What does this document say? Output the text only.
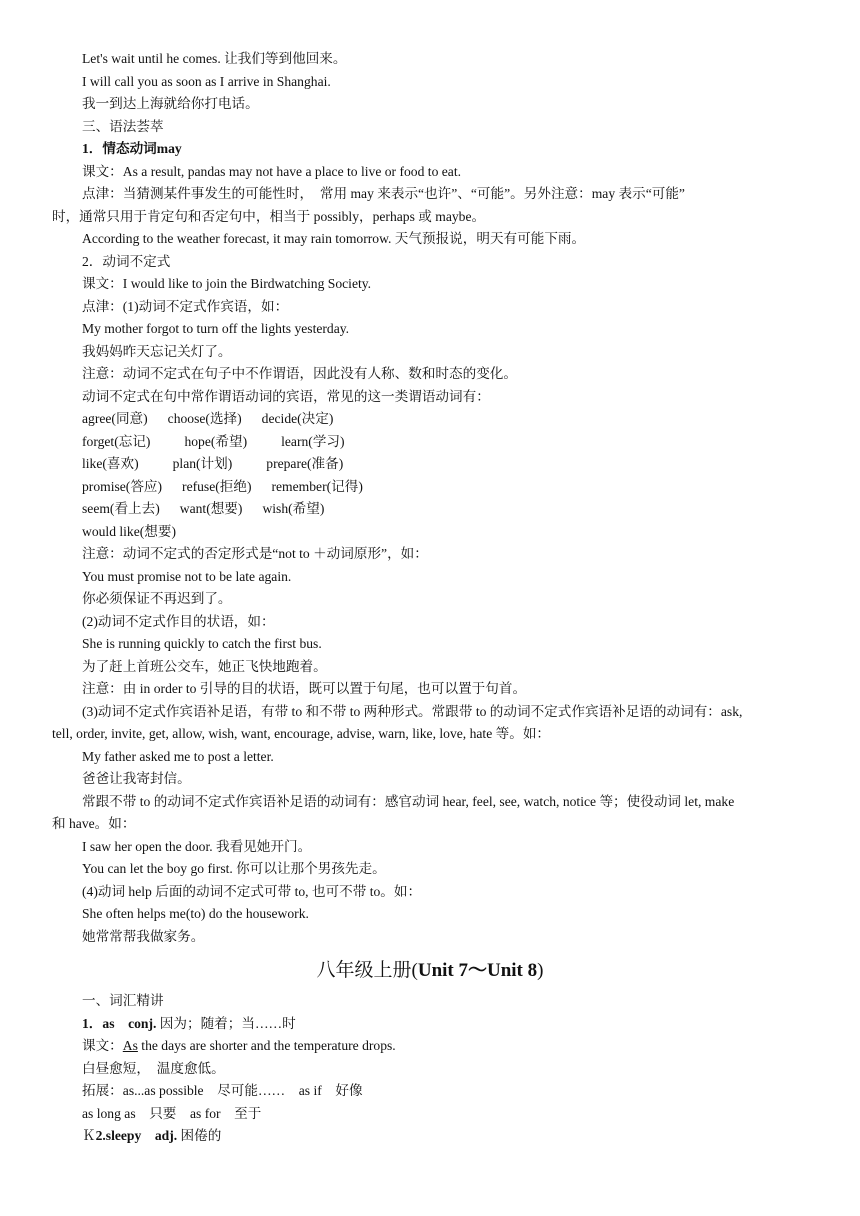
Let's wait until he comes. 让我们等到他回来。
I will call you as soon as I arrive in Shanghai.
我一到达上海就给你打电话。
三、语法荟萃
1．情态动词may
课文：As a result, pandas may not have a place to live or food to eat.
点津：当猜测某件事发生的可能性时，　常用 may 来表示“也许”、“可能”。另外注意：may 表示“可能”
时，通常只用于肯定句和否定句中，相当于 possibly，perhaps 或 maybe。
According to the weather forecast, it may rain tomorrow. 天气预报说，明天有可能下雨。
2．动词不定式
课文：I would like to join the Birdwatching Society.
点津：(1)动词不定式作宾语，如：
My mother forgot to turn off the lights yesterday.
我妈妈昨天忘记关灯了。
注意：动词不定式在句子中不作谓语，因此没有人称、数和时态的变化。
动词不定式在句中常作谓语动词的宾语，常见的这一类谓语动词有：
agree(同意) choose(选择) decide(决定)
forget(忘记)	hope(希望)	learn(学习)
like(喜欢)	plan(计划)	prepare(准备)
promise(答应) refuse(拒绝) remember(记得)
seem(看上去) want(想要) wish(希望)
would like(想要)
注意：动词不定式的否定形式是“not to ＋动词原形”，如：
You must promise not to be late again.
你必须保证不再迟到了。
(2)动词不定式作目的状语，如：
She is running quickly to catch the first bus.
为了赶上首班公交车，她正飞快地跑着。
注意：由 in order to 引导的目的状语，既可以置于句尾，也可以置于句首。
(3)动词不定式作宾语补足语，有带 to 和不带 to 两种形式。常跟带 to 的动词不定式作宾语补足语的动词有：ask,
tell, order, invite, get, allow, wish, want, encourage, advise, warn, like, love, hate 等。如：
My father asked me to post a letter.
爸爸让我寄封信。
常跟不带 to 的动词不定式作宾语补足语的动词有：感官动词 hear, feel, see, watch, notice 等；使役动词 let, make
和 have。如：
I saw her open the door. 我看见她开门。
You can let the boy go first. 你可以让那个男孩先走。
(4)动词 help 后面的动词不定式可带 to, 也可不带 to。如：
She often helps me(to) do the housework.
她常常帮我做家务。
八年级上册(Unit 7～Unit 8)
一、词汇精讲
1．as　conj. 因为；随着；当……时
课文：As the days are shorter and the temperature drops.
白昼愈短，　温度愈低。
拓展：as...as possible　尽可能……　as if　好像
as long as　只要　as for　至于
Ｋ2.sleepy　adj. 困倦的
